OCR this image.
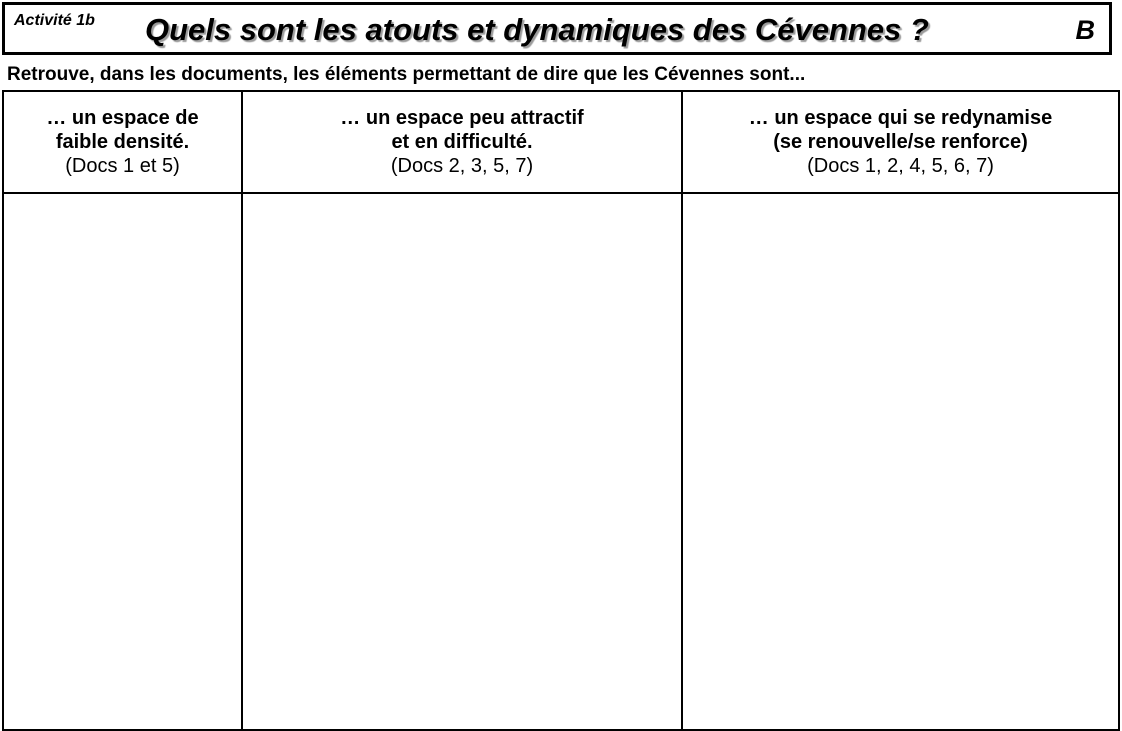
Activité 1b Quels sont les atouts et dynamiques des Cévennes ?	B
Retrouve, dans les documents, les éléments permettant de dire que les Cévennes sont...
… un espace de
faible densité.
(Docs 1 et 5)	… un espace peu attractif
et en difficulté.
(Docs 2, 3, 5, 7)	… un espace qui se redynamise
(se renouvelle/se renforce)
(Docs 1, 2, 4, 5, 6, 7)
